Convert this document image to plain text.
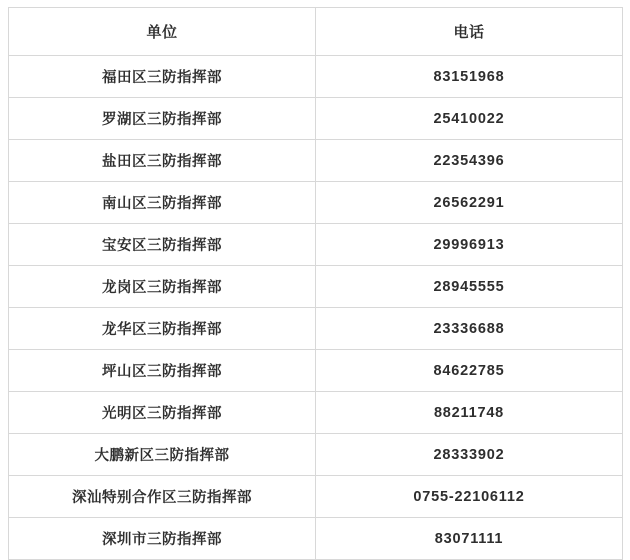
单位	电话
福田区三防指挥部	83151968
罗湖区三防指挥部	25410022
盐田区三防指挥部	22354396
南山区三防指挥部	26562291
宝安区三防指挥部	29996913
龙岗区三防指挥部	28945555
龙华区三防指挥部	23336688
坪山区三防指挥部	84622785
光明区三防指挥部	88211748
大鹏新区三防指挥部	28333902
深汕特别合作区三防指挥部	0755-22106112
深圳市三防指挥部	83071111
